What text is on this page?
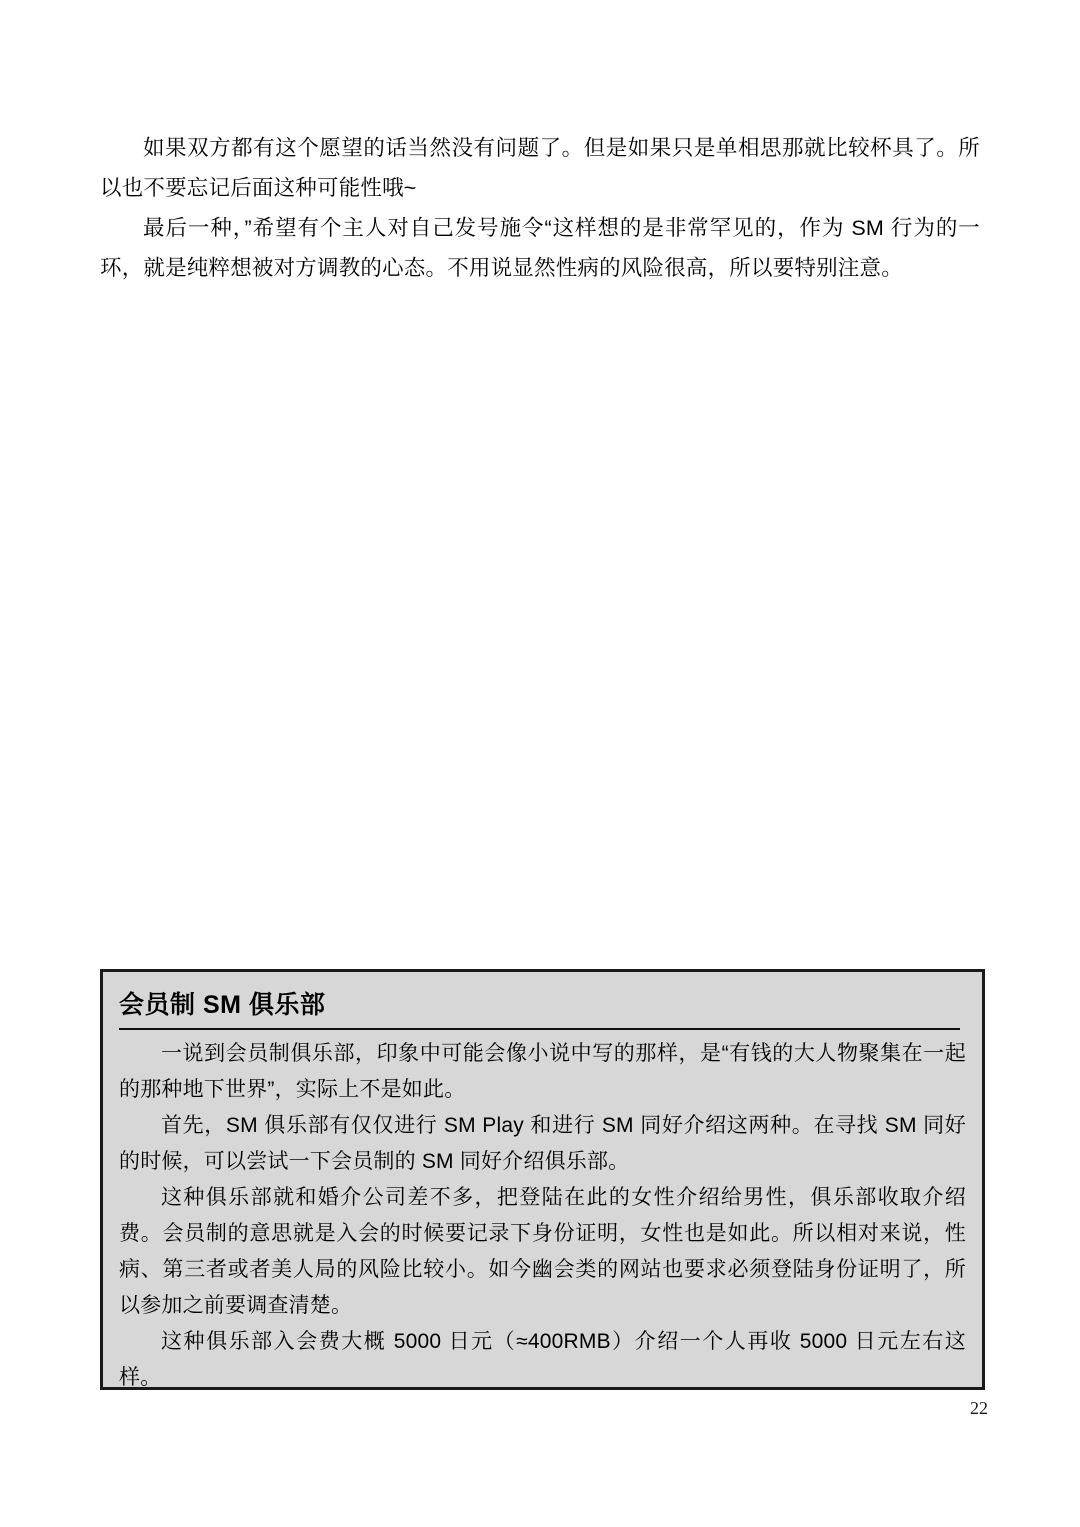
如果双方都有这个愿望的话当然没有问题了。但是如果只是单相思那就比较杯具了。所以也不要忘记后面这种可能性哦~

最后一种，”希望有个主人对自己发号施令“这样想的是非常罕见的，作为 SM 行为的一环，就是纯粹想被对方调教的心态。不用说显然性病的风险很高，所以要特别注意。

会员制 SM 俱乐部

一说到会员制俱乐部，印象中可能会像小说中写的那样，是“有钱的大人物聚集在一起的那种地下世界”，实际上不是如此。

首先，SM 俱乐部有仅仅进行 SM Play 和进行 SM 同好介绍这两种。在寻找 SM 同好的时候，可以尝试一下会员制的 SM 同好介绍俱乐部。

这种俱乐部就和婚介公司差不多，把登陆在此的女性介绍给男性，俱乐部收取介绍费。会员制的意思就是入会的时候要记录下身份证明，女性也是如此。所以相对来说，性病、第三者或者美人局的风险比较小。如今幽会类的网站也要求必须登陆身份证明了，所以参加之前要调查清楚。

这种俱乐部入会费大概 5000 日元（≈400RMB）介绍一个人再收 5000 日元左右这样。

22
